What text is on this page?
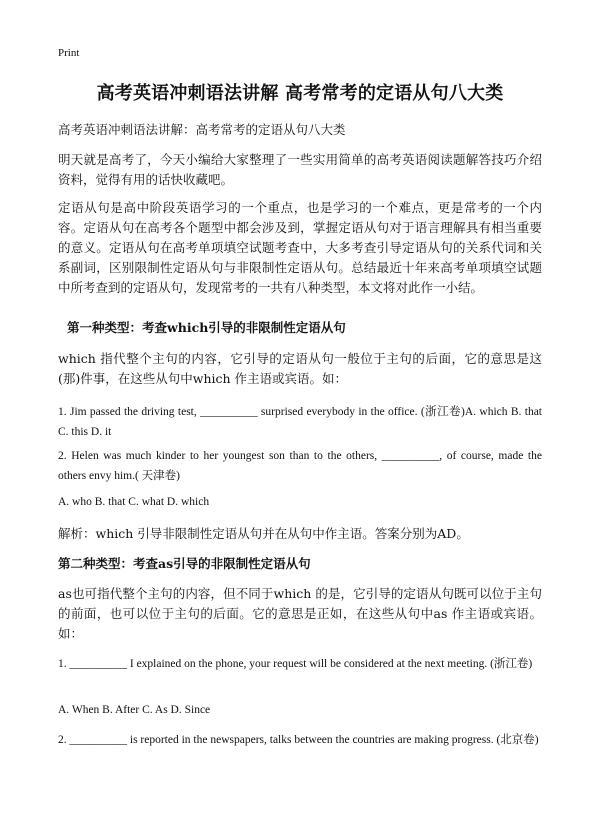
Print
高考英语冲刺语法讲解 高考常考的定语从句八大类
高考英语冲刺语法讲解：高考常考的定语从句八大类
明天就是高考了，今天小编给大家整理了一些实用简单的高考英语阅读题解答技巧介绍资料，觉得有用的话快收藏吧。
定语从句是高中阶段英语学习的一个重点，也是学习的一个难点，更是常考的一个内容。定语从句在高考各个题型中都会涉及到，掌握定语从句对于语言理解具有相当重要的意义。定语从句在高考单项填空试题考查中，大多考查引导定语从句的关系代词和关系副词，区别限制性定语从句与非限制性定语从句。总结最近十年来高考单项填空试题中所考查到的定语从句，发现常考的一共有八种类型，本文将对此作一小结。
第一种类型：考查which引导的非限制性定语从句
which 指代整个主句的内容，它引导的定语从句一般位于主句的后面，它的意思是这(那)件事，在这些从句中which 作主语或宾语。如：
1. Jim passed the driving test, __________ surprised everybody in the office. (浙江卷)A. which B. that C. this D. it
2. Helen was much kinder to her youngest son than to the others, __________, of course, made the others envy him.( 天津卷)
A. who B. that C. what D. which
解析：which 引导非限制性定语从句并在从句中作主语。答案分别为AD。
第二种类型：考查as引导的非限制性定语从句
as也可指代整个主句的内容，但不同于which 的是，它引导的定语从句既可以位于主句的前面，也可以位于主句的后面。它的意思是正如，在这些从句中as 作主语或宾语。如：
1. __________ I explained on the phone, your request will be considered at the next meeting. (浙江卷)
A. When B. After C. As D. Since
2. __________ is reported in the newspapers, talks between the countries are making progress. (北京卷)
